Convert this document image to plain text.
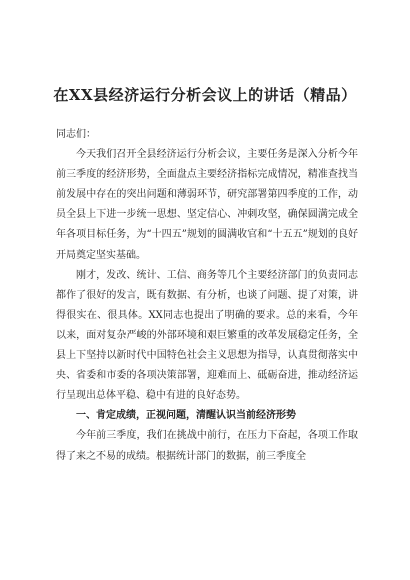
在XX县经济运行分析会议上的讲话（精品）

同志们：

今天我们召开全县经济运行分析会议，主要任务是深入分析今年前三季度的经济形势，全面盘点主要经济指标完成情况，精准查找当前发展中存在的突出问题和薄弱环节，研究部署第四季度的工作，动员全县上下进一步统一思想、坚定信心、冲刺攻坚，确保圆满完成全年各项目标任务，为“十四五”规划的圆满收官和“十五五”规划的良好开局奠定坚实基础。

刚才，发改、统计、工信、商务等几个主要经济部门的负责同志都作了很好的发言，既有数据、有分析，也谈了问题、提了对策，讲得很实在、很具体。XX同志也提出了明确的要求。总的来看，今年以来，面对复杂严峻的外部环境和艰巨繁重的改革发展稳定任务，全县上下坚持以新时代中国特色社会主义思想为指导，认真贯彻落实中央、省委和市委的各项决策部署，迎难而上、砥砺奋进，推动经济运行呈现出总体平稳、稳中有进的良好态势。

一、肯定成绩，正视问题，清醒认识当前经济形势

今年前三季度，我们在挑战中前行，在压力下奋起，各项工作取得了来之不易的成绩。根据统计部门的数据，前三季度全
